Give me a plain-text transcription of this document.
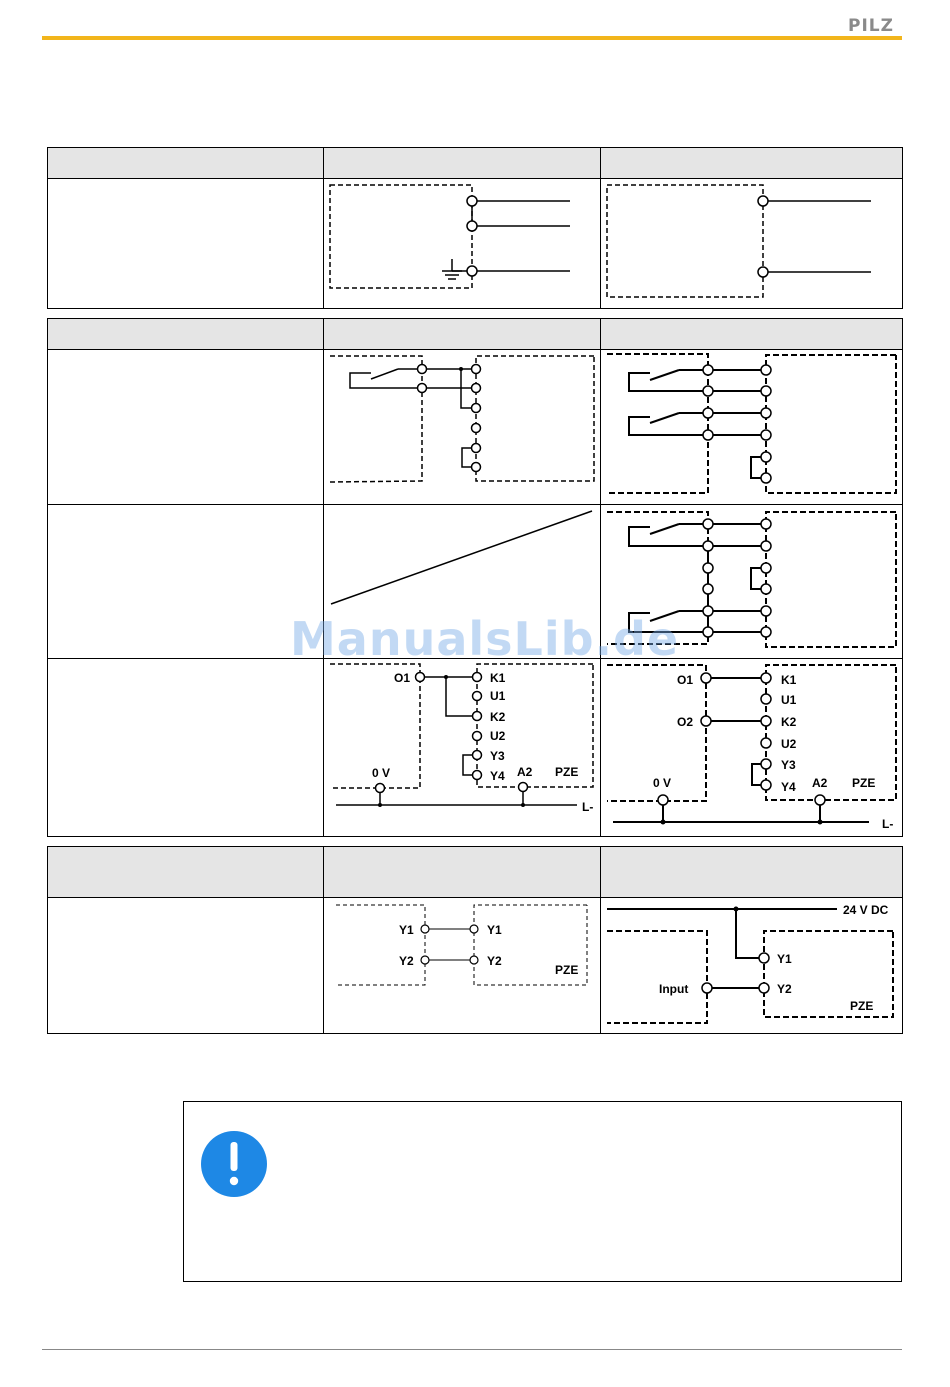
PILZ
O1	K1
U1
K2
U2
Y3
Y4
0 V	A2 PZE
L-
O1
O2
K1
U1
K2
U2
Y3
Y4
0 V	A2 PZE
L-
ManualsLib.de
Y1
Y2
Y1
Y2
PZE
24 V DC
Input
Y1
Y2
PZE
